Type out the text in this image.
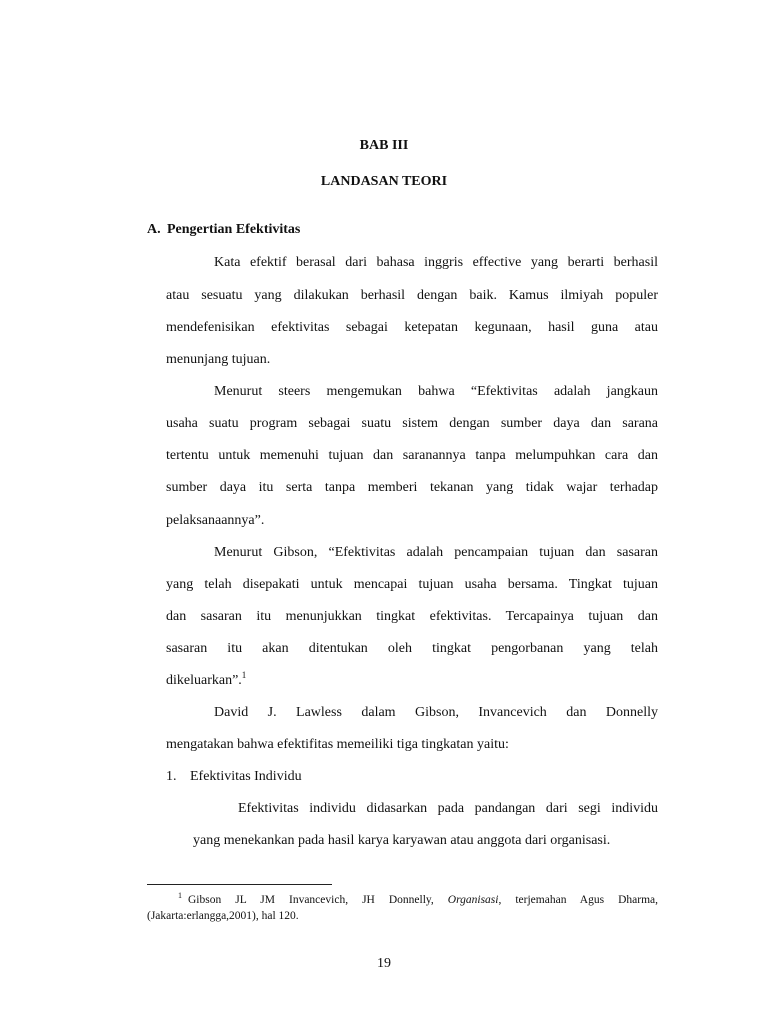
BAB III
LANDASAN TEORI
A. Pengertian Efektivitas
Kata efektif berasal dari bahasa inggris effective yang berarti berhasil
atau sesuatu yang dilakukan berhasil dengan baik. Kamus ilmiyah populer
mendefenisikan efektivitas sebagai ketepatan kegunaan, hasil guna atau
menunjang tujuan.
Menurut steers mengemukan bahwa “Efektivitas adalah jangkaun
usaha suatu program sebagai suatu sistem dengan sumber daya dan sarana
tertentu untuk memenuhi tujuan dan saranannya tanpa melumpuhkan cara dan
sumber daya itu serta tanpa memberi tekanan yang tidak wajar terhadap
pelaksanaannya”.
Menurut Gibson, “Efektivitas adalah pencampaian tujuan dan sasaran
yang telah disepakati untuk mencapai tujuan usaha bersama. Tingkat tujuan
dan sasaran itu menunjukkan tingkat efektivitas. Tercapainya tujuan dan
sasaran itu akan ditentukan oleh tingkat pengorbanan yang telah
dikeluarkan”.$^1$
David J. Lawless dalam Gibson, Invancevich dan Donnelly
mengatakan bahwa efektifitas memeiliki tiga tingkatan yaitu:
1. Efektivitas Individu
Efektivitas individu didasarkan pada pandangan dari segi individu
yang menekankan pada hasil karya karyawan atau anggota dari organisasi.
$^1$ Gibson JL JM Invancevich, JH Donnelly, Organisasi, terjemahan Agus Dharma,
(Jakarta:erlangga,2001), hal 120.
19
